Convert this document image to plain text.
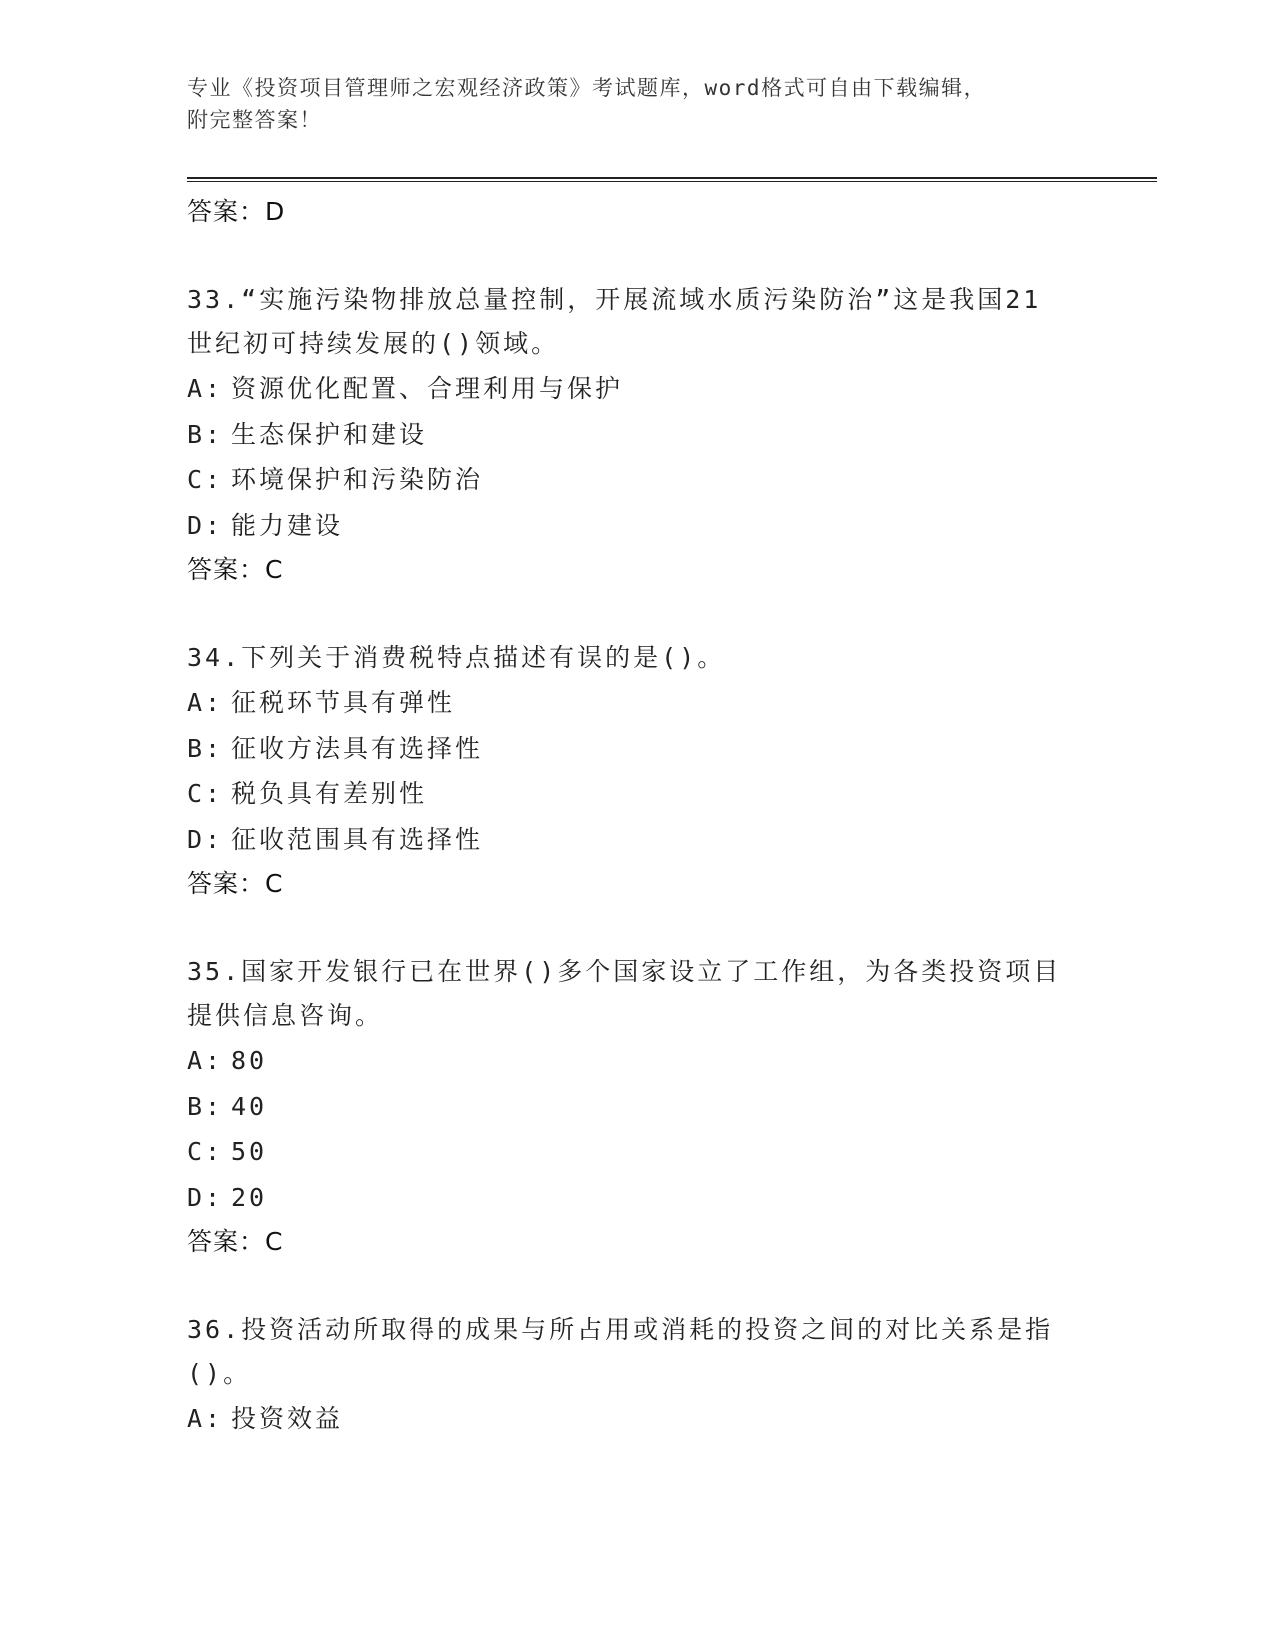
专业《投资项目管理师之宏观经济政策》考试题库，word格式可自由下载编辑，
附完整答案！
答案：D
33.“实施污染物排放总量控制，开展流域水质污染防治”这是我国21
世纪初可持续发展的()领域。
A: 资源优化配置、合理利用与保护
B: 生态保护和建设
C: 环境保护和污染防治
D: 能力建设
答案：C
34.下列关于消费税特点描述有误的是()。
A: 征税环节具有弹性
B: 征收方法具有选择性
C: 税负具有差别性
D: 征收范围具有选择性
答案：C
35.国家开发银行已在世界()多个国家设立了工作组，为各类投资项目
提供信息咨询。
A: 80
B: 40
C: 50
D: 20
答案：C
36.投资活动所取得的成果与所占用或消耗的投资之间的对比关系是指
()。
A: 投资效益
